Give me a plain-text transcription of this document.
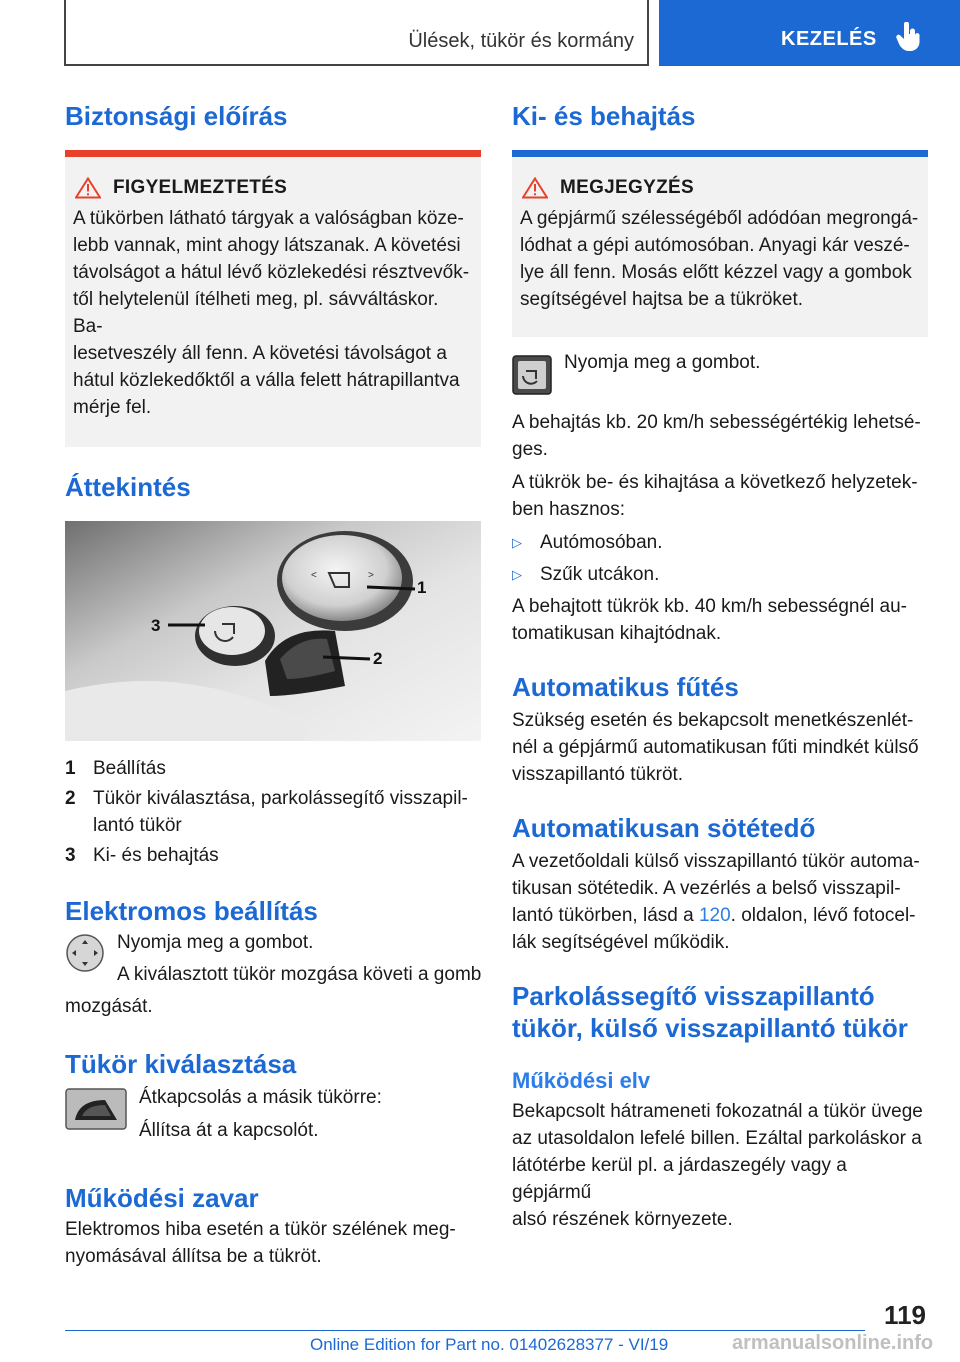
Ülések, tükör és kormány	KEZELÉS
Biztonsági előírás
FIGYELMEZTETÉS
A tükörben látható tárgyak a valóságban köze-
lebb vannak, mint ahogy látszanak. A követési
távolságot a hátul lévő közlekedési résztvevők-
től helytelenül ítélheti meg, pl. sávváltáskor. Ba-
lesetveszély áll fenn. A követési távolságot a
hátul közlekedőktől a válla felett hátrapillantva
mérje fel.
Áttekintés
<	>
1
2
3
1 Beállítás
2 Tükör kiválasztása, parkolássegítő visszapil-
lantó tükör
3 Ki- és behajtás
Elektromos beállítás
Nyomja meg a gombot.
A kiválasztott tükör mozgása követi a gomb
mozgását.
Tükör kiválasztása
Átkapcsolás a másik tükörre:
Állítsa át a kapcsolót.
Működési zavar
Elektromos hiba esetén a tükör szélének meg-
nyomásával állítsa be a tükröt.
Ki- és behajtás
MEGJEGYZÉS
A gépjármű szélességéből adódóan megrongá-
lódhat a gépi autómosóban. Anyagi kár veszé-
lye áll fenn. Mosás előtt kézzel vagy a gombok
segítségével hajtsa be a tükröket.
Nyomja meg a gombot.
A behajtás kb. 20 km/h sebességértékig lehetsé-
ges.
A tükrök be- és kihajtása a következő helyzetek-
ben hasznos:
▷ Autómosóban.
▷ Szűk utcákon.
A behajtott tükrök kb. 40 km/h sebességnél au-
tomatikusan kihajtódnak.
Automatikus fűtés
Szükség esetén és bekapcsolt menetkészenlét-
nél a gépjármű automatikusan fűti mindkét külső
visszapillantó tükröt.
Automatikusan sötétedő
A vezetőoldali külső visszapillantó tükör automa-
tikusan sötétedik. A vezérlés a belső visszapil-
lantó tükörben, lásd a 120. oldalon, lévő fotocel-
lák segítségével működik.
Parkolássegítő visszapillantó
tükör, külső visszapillantó tükör
Működési elv
Bekapcsolt hátrameneti fokozatnál a tükör üvege
az utasoldalon lefelé billen. Ezáltal parkoláskor a
látótérbe kerül pl. a járdaszegély vagy a gépjármű
alsó részének környezete.
119
Online Edition for Part no. 01402628377 - VI/19	armanualsonline.info
